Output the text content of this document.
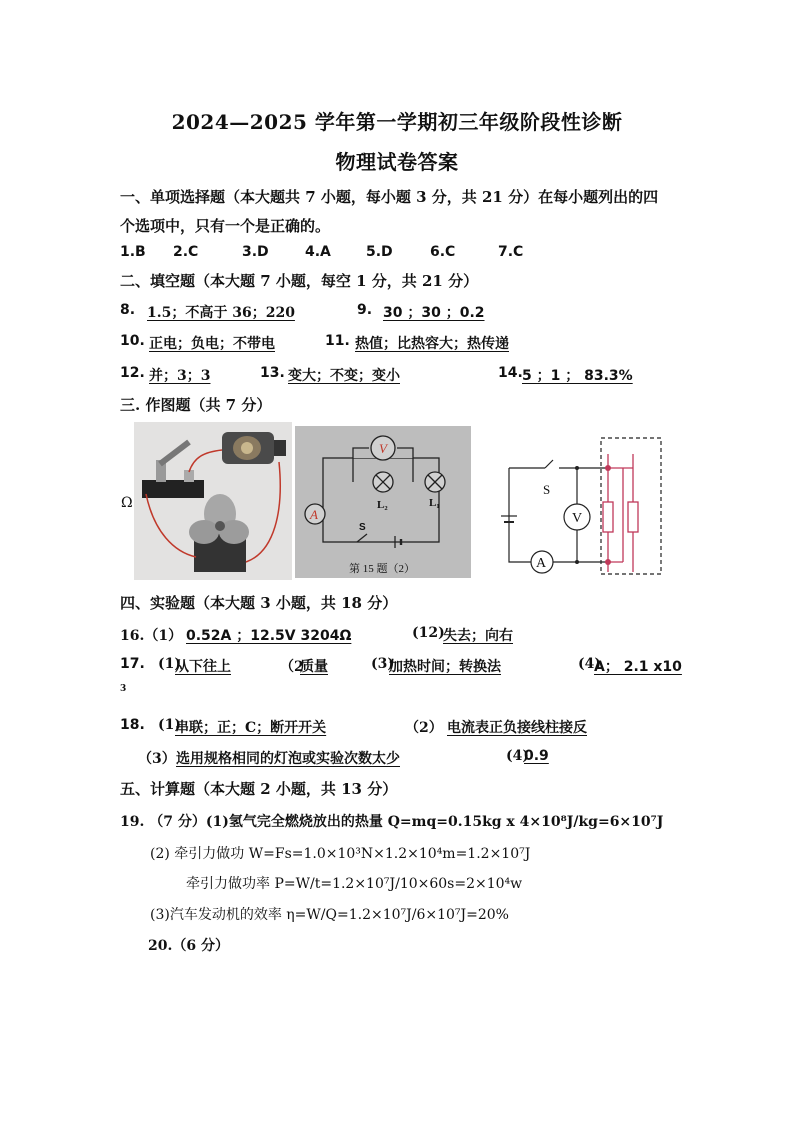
2024—2025 学年第一学期初三年级阶段性诊断
物理试卷答案
一、单项选择题（本大题共 7 小题，每小题 3 分，共 21 分）在每小题列出的四
个选项中，只有一个是正确的。
1.B 2.C	3.D	4.A	5.D	6.C	7.C
二、填空题（本大题 7 小题，每空 1 分，共 21 分）
8. 1.5；不高于 36；220	9. 30 ；30 ；0.2
10. 正电；负电；不带电	11. 热值；比热容大；热传递
12. 并；3；3	13. 变大；不变；变小	14. 5 ；1 ； 83.3%
三. 作图题（共 7 分）
Ω
V
A
L₂	L₁
S
第 15 题（2）
S
V
A
四、实验题（本大题 3 小题，共 18 分）
16.（1） 0.52A ；12.5V 3204Ω	(12)
失去；向右
17. (1)
从下往上	（2
质量	(3)
加热时间；转换法	(4)
A； 2.1 x10
3
18. (1)
串联；正；C；断开开关	（2） 电流表正负接线柱接反
（3） 选用规格相同的灯泡或实验次数太少	(4)
0.9
五、计算题（本大题 2 小题，共 13 分）
19. （7 分）(1)氢气完全燃烧放出的热量 Q=mq=0.15kg x 4×10⁸J/kg=6×10⁷J
(2) 牵引力做功 W=Fs=1.0×10³N×1.2×10⁴m=1.2×10⁷J
牵引力做功率 P=W/t=1.2×10⁷J/10×60s=2×10⁴w
(3)汽车发动机的效率 η=W/Q=1.2×10⁷J/6×10⁷J=20%
20.（6 分）
